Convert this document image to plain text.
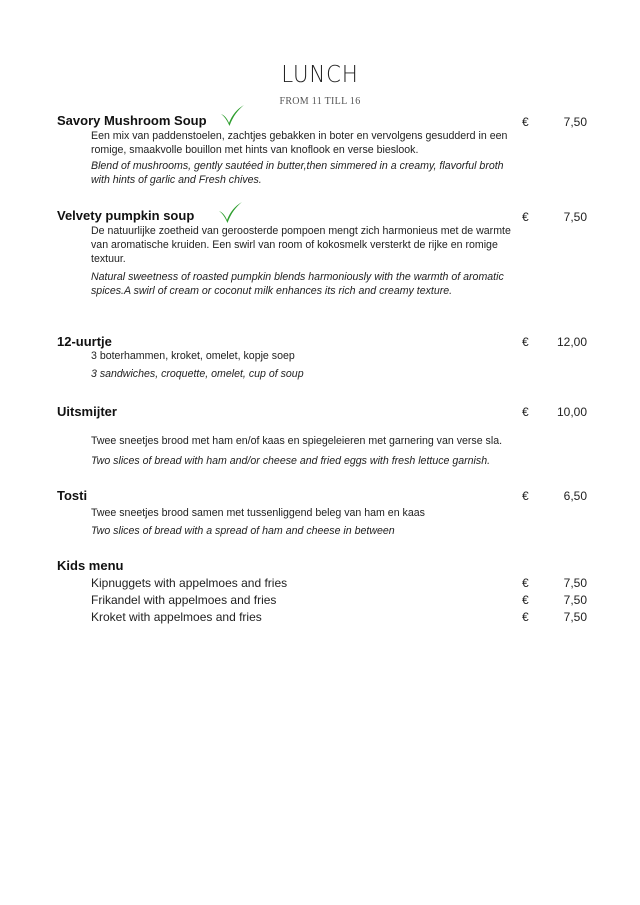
LUNCH
FROM 11 TILL 16
Savory Mushroom Soup	€	7,50
Een mix van paddenstoelen, zachtjes gebakken in boter en vervolgens gesudderd in een romige, smaakvolle bouillon met hints van knoflook en verse bieslook.
Blend of mushrooms, gently sautéed in butter,then simmered in a creamy, flavorful broth with hints of garlic and Fresh chives.
Velvety pumpkin soup	€	7,50
De natuurlijke zoetheid van geroosterde pompoen mengt zich harmonieus met de warmte van aromatische kruiden. Een swirl van room of kokosmelk versterkt de rijke en romige textuur.
Natural sweetness of roasted pumpkin blends harmoniously with the warmth of aromatic spices.A swirl of cream or coconut milk enhances its rich and creamy texture.
12-uurtje	€	12,00
3 boterhammen, kroket, omelet, kopje soep
3 sandwiches, croquette, omelet, cup of soup
Uitsmijter	€	10,00
Twee sneetjes brood met ham en/of kaas en spiegeleieren met garnering van verse sla.
Two slices of bread with ham and/or cheese and fried eggs with fresh lettuce garnish.
Tosti	€	6,50
Twee sneetjes brood samen met tussenliggend beleg van ham en kaas
Two slices of bread with a spread of ham and cheese in between
Kids menu
Kipnuggets with appelmoes and fries	€	7,50
Frikandel with appelmoes and fries	€	7,50
Kroket with appelmoes and fries	€	7,50
